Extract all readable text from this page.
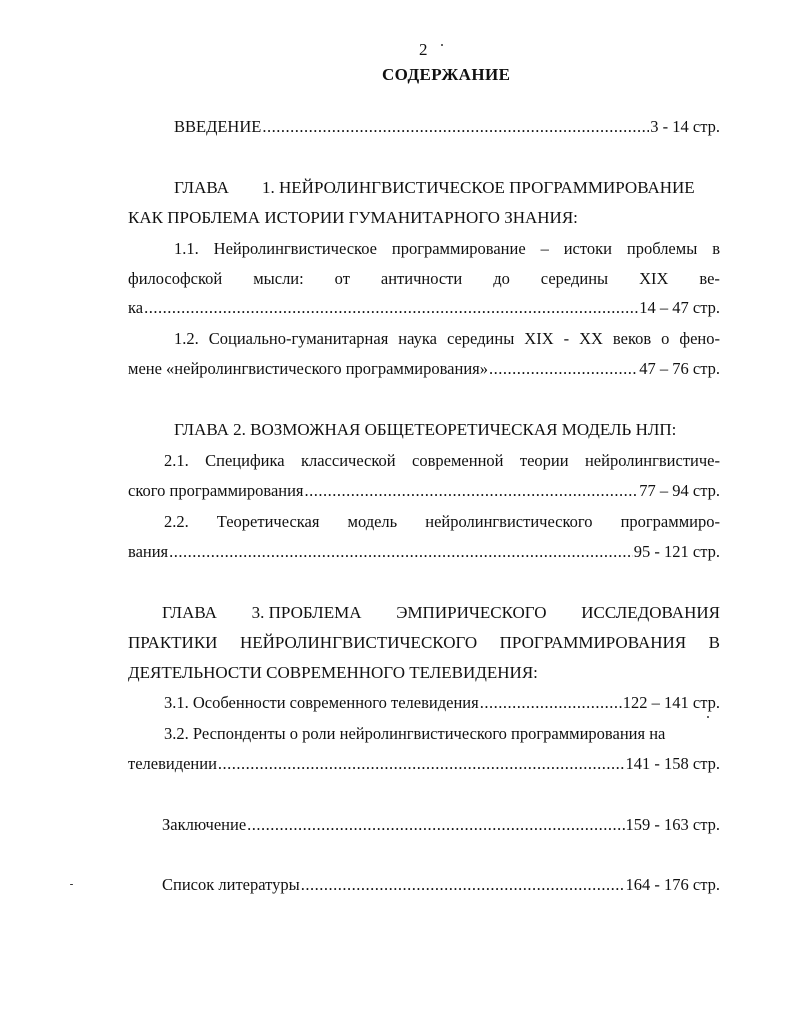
2
СОДЕРЖАНИЕ
ВВЕДЕНИЕ .....	3 - 14 стр.
ГЛАВА 1. НЕЙРОЛИНГВИСТИЧЕСКОЕ ПРОГРАММИРОВАНИЕ
КАК ПРОБЛЕМА ИСТОРИИ ГУМАНИТАРНОГО ЗНАНИЯ:
1.1. Нейролингвистическое программирование – истоки проблемы в
философской мысли: от античности до середины XIX ве-
ка .....	14 – 47 стр.
1.2. Социально-гуманитарная наука середины XIX - XX веков о фено-
мене «нейролингвистического программирования» .....	47 – 76 стр.
ГЛАВА 2. ВОЗМОЖНАЯ ОБЩЕТЕОРЕТИЧЕСКАЯ МОДЕЛЬ НЛП:
2.1. Специфика классической современной теории нейролингвистиче-
ского программирования .....	77 – 94 стр.
2.2. Теоретическая модель нейролингвистического программиро-
вания .....	95 - 121 стр.
ГЛАВА 3. ПРОБЛЕМА ЭМПИРИЧЕСКОГО ИССЛЕДОВАНИЯ
ПРАКТИКИ НЕЙРОЛИНГВИСТИЧЕСКОГО ПРОГРАММИРОВАНИЯ В
ДЕЯТЕЛЬНОСТИ СОВРЕМЕННОГО ТЕЛЕВИДЕНИЯ:
3.1. Особенности современного телевидения .....	122 – 141 стр.
3.2. Респонденты о роли нейролингвистического программирования на
телевидении .....	141 - 158 стр.
Заключение .....	159 - 163 стр.
Список литературы .....	164 - 176 стр.
